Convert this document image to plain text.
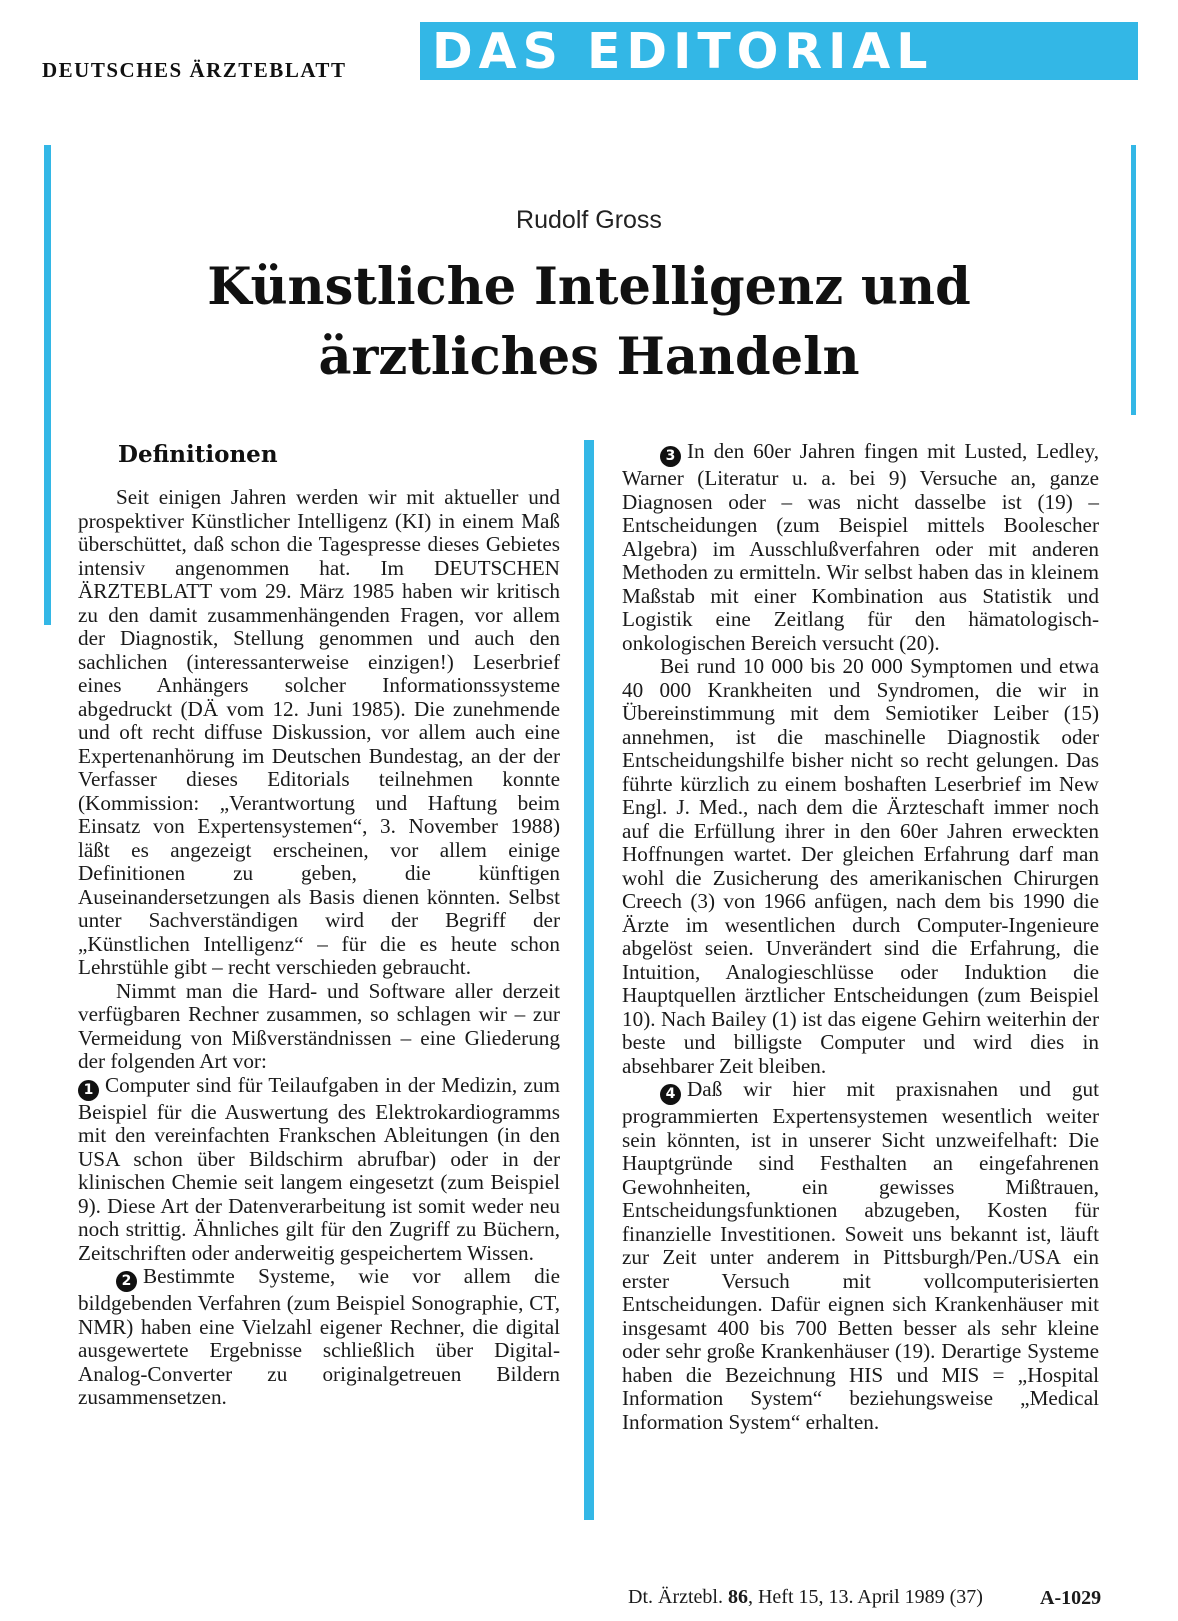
DEUTSCHES ÄRZTEBLATT	DAS EDITORIAL
Rudolf Gross
Künstliche Intelligenz und
ärztliches Handeln
Definitionen

Seit einigen Jahren werden wir mit aktueller und prospektiver Künstlicher Intelligenz (KI) in einem Maß überschüttet, daß schon die Tagespresse dieses Gebietes intensiv angenommen hat. Im DEUTSCHEN ÄRZTEBLATT vom 29. März 1985 haben wir kritisch zu den damit zusammenhängenden Fragen, vor allem der Diagnostik, Stellung genommen und auch den sachlichen (interessanterweise einzigen!) Leserbrief eines Anhängers solcher Informationssysteme abgedruckt (DÄ vom 12. Juni 1985). Die zunehmende und oft recht diffuse Diskussion, vor allem auch eine Expertenanhörung im Deutschen Bundestag, an der der Verfasser dieses Editorials teilnehmen konnte (Kommission: „Verantwortung und Haftung beim Einsatz von Expertensystemen“, 3. November 1988) läßt es angezeigt erscheinen, vor allem einige Definitionen zu geben, die künftigen Auseinandersetzungen als Basis dienen könnten. Selbst unter Sachverständigen wird der Begriff der „Künstlichen Intelligenz“ – für die es heute schon Lehrstühle gibt – recht verschieden gebraucht.

Nimmt man die Hard- und Software aller derzeit verfügbaren Rechner zusammen, so schlagen wir – zur Vermeidung von Mißverständnissen – eine Gliederung der folgenden Art vor:

1 Computer sind für Teilaufgaben in der Medizin, zum Beispiel für die Auswertung des Elektrokardiogramms mit den vereinfachten Frankschen Ableitungen (in den USA schon über Bildschirm abrufbar) oder in der klinischen Chemie seit langem eingesetzt (zum Beispiel 9). Diese Art der Datenverarbeitung ist somit weder neu noch strittig. Ähnliches gilt für den Zugriff zu Büchern, Zeitschriften oder anderweitig gespeichertem Wissen.

2 Bestimmte Systeme, wie vor allem die bildgebenden Verfahren (zum Beispiel Sonographie, CT, NMR) haben eine Vielzahl eigener Rechner, die digital ausgewertete Ergebnisse schließlich über Digital-Analog-Converter zu originalgetreuen Bildern zusammensetzen.

3 In den 60er Jahren fingen mit Lusted, Ledley, Warner (Literatur u. a. bei 9) Versuche an, ganze Diagnosen oder – was nicht dasselbe ist (19) – Entscheidungen (zum Beispiel mittels Boolescher Algebra) im Ausschlußverfahren oder mit anderen Methoden zu ermitteln. Wir selbst haben das in kleinem Maßstab mit einer Kombination aus Statistik und Logistik eine Zeitlang für den hämatologisch-onkologischen Bereich versucht (20).

Bei rund 10 000 bis 20 000 Symptomen und etwa 40 000 Krankheiten und Syndromen, die wir in Übereinstimmung mit dem Semiotiker Leiber (15) annehmen, ist die maschinelle Diagnostik oder Entscheidungshilfe bisher nicht so recht gelungen. Das führte kürzlich zu einem boshaften Leserbrief im New Engl. J. Med., nach dem die Ärzteschaft immer noch auf die Erfüllung ihrer in den 60er Jahren erweckten Hoffnungen wartet. Der gleichen Erfahrung darf man wohl die Zusicherung des amerikanischen Chirurgen Creech (3) von 1966 anfügen, nach dem bis 1990 die Ärzte im wesentlichen durch Computer-Ingenieure abgelöst seien. Unverändert sind die Erfahrung, die Intuition, Analogieschlüsse oder Induktion die Hauptquellen ärztlicher Entscheidungen (zum Beispiel 10). Nach Bailey (1) ist das eigene Gehirn weiterhin der beste und billigste Computer und wird dies in absehbarer Zeit bleiben.

4 Daß wir hier mit praxisnahen und gut programmierten Expertensystemen wesentlich weiter sein könnten, ist in unserer Sicht unzweifelhaft: Die Hauptgründe sind Festhalten an eingefahrenen Gewohnheiten, ein gewisses Mißtrauen, Entscheidungsfunktionen abzugeben, Kosten für finanzielle Investitionen. Soweit uns bekannt ist, läuft zur Zeit unter anderem in Pittsburgh/Pen./USA ein erster Versuch mit vollcomputerisierten Entscheidungen. Dafür eignen sich Krankenhäuser mit insgesamt 400 bis 700 Betten besser als sehr kleine oder sehr große Krankenhäuser (19). Derartige Systeme haben die Bezeichnung HIS und MIS = „Hospital Information System“ beziehungsweise „Medical Information System“ erhalten.

Dt. Ärztebl. 86, Heft 15, 13. April 1989 (37)	A-1029
